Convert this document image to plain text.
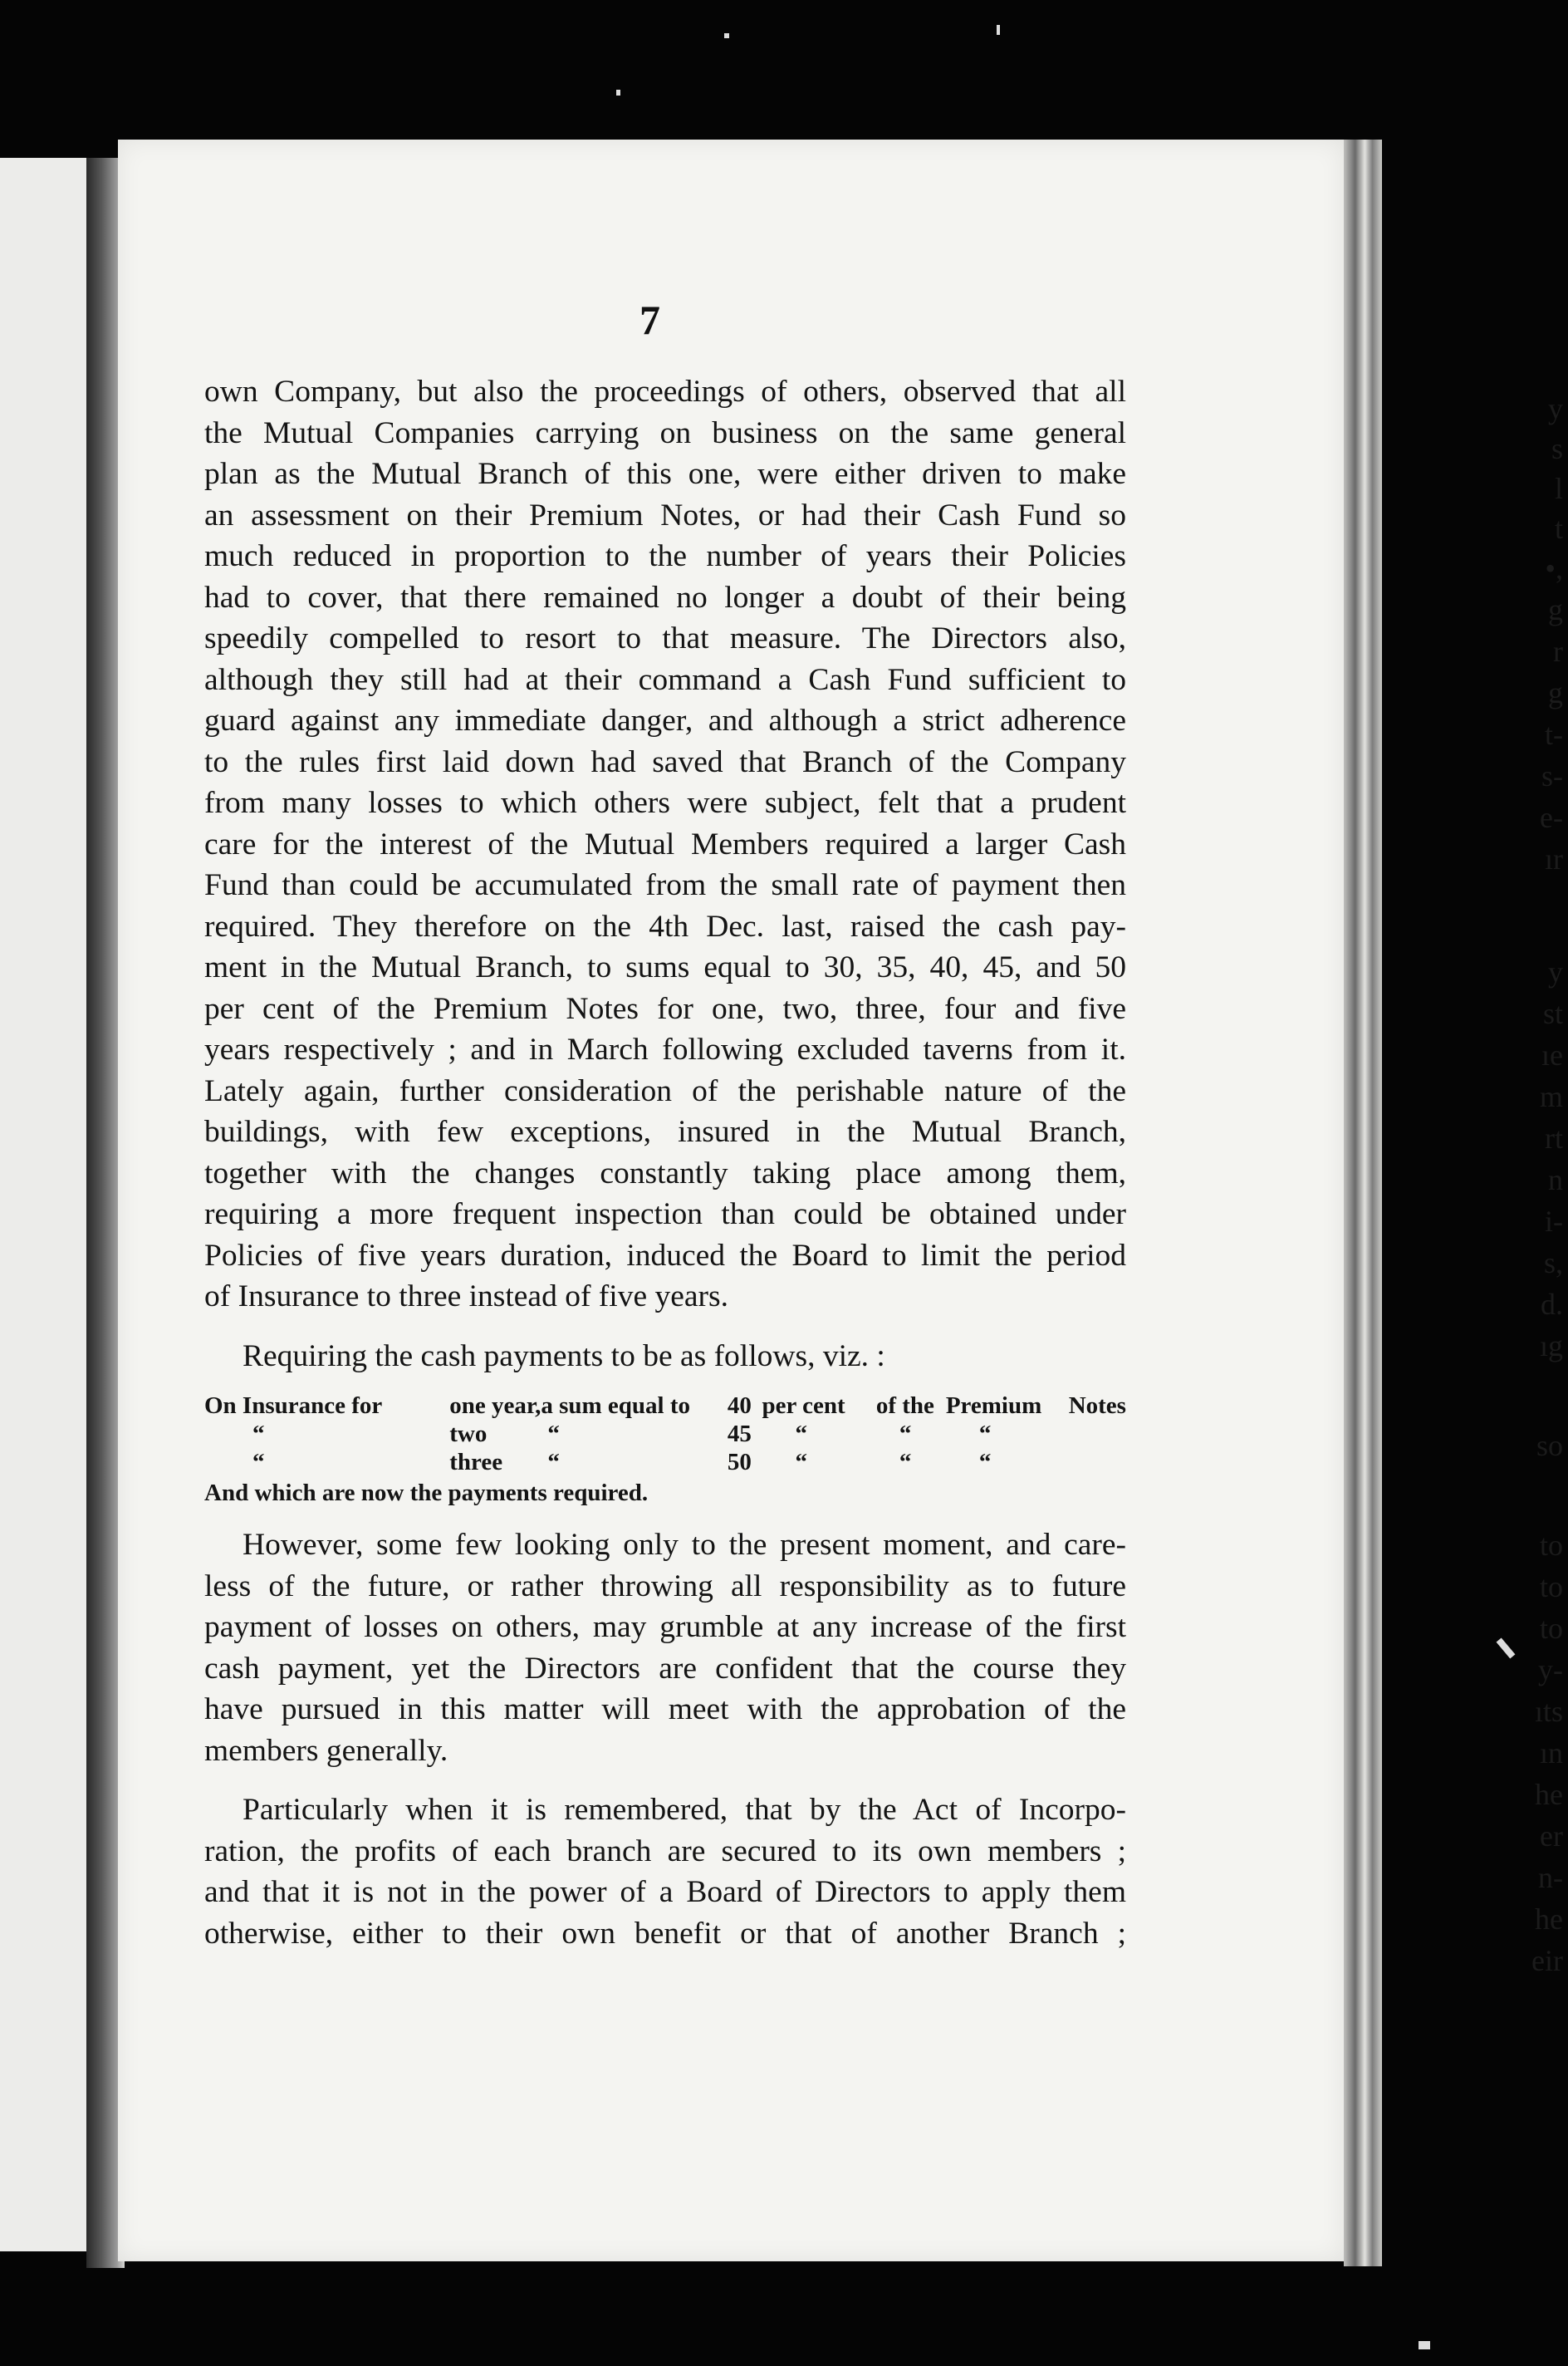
y
s
l
t
•,
g
r
g
t-
s-
e-
ır
y
st
ıe
m
rt
n
i-
s,
d.
ıg
so
to
to
to
y-
ıts
ın
he
er
n-
he
eir
7
own Company, but also the proceedings of others, observed that all
the Mutual Companies carrying on business on the same general
plan as the Mutual Branch of this one, were either driven to make
an assessment on their Premium Notes, or had their Cash Fund so
much reduced in proportion to the number of years their Policies
had to cover, that there remained no longer a doubt of their being
speedily compelled to resort to that measure. The Directors also,
although they still had at their command a Cash Fund sufficient to
guard against any immediate danger, and although a strict adherence
to the rules first laid down had saved that Branch of the Company
from many losses to which others were subject, felt that a prudent
care for the interest of the Mutual Members required a larger Cash
Fund than could be accumulated from the small rate of payment then
required. They therefore on the 4th Dec. last, raised the cash pay-
ment in the Mutual Branch, to sums equal to 30, 35, 40, 45, and 50
per cent of the Premium Notes for one, two, three, four and five
years respectively ; and in March following excluded taverns from it.
Lately again, further consideration of the perishable nature of the
buildings, with few exceptions, insured in the Mutual Branch,
together with the changes constantly taking place among them,
requiring a more frequent inspection than could be obtained under
Policies of five years duration, induced the Board to limit the period
of Insurance to three instead of five years.
Requiring the cash payments to be as follows, viz. :
On Insurance for	one year,	a sum equal to	40	per cent	of the	Premium	Notes
“	two	“	45	“	“	“	
“	three	“	50	“	“	“	
And which are now the payments required.
However, some few looking only to the present moment, and care-
less of the future, or rather throwing all responsibility as to future
payment of losses on others, may grumble at any increase of the first
cash payment, yet the Directors are confident that the course they
have pursued in this matter will meet with the approbation of the
members generally.
Particularly when it is remembered, that by the Act of Incorpo-
ration, the profits of each branch are secured to its own members ;
and that it is not in the power of a Board of Directors to apply them
otherwise, either to their own benefit or that of another Branch ;
